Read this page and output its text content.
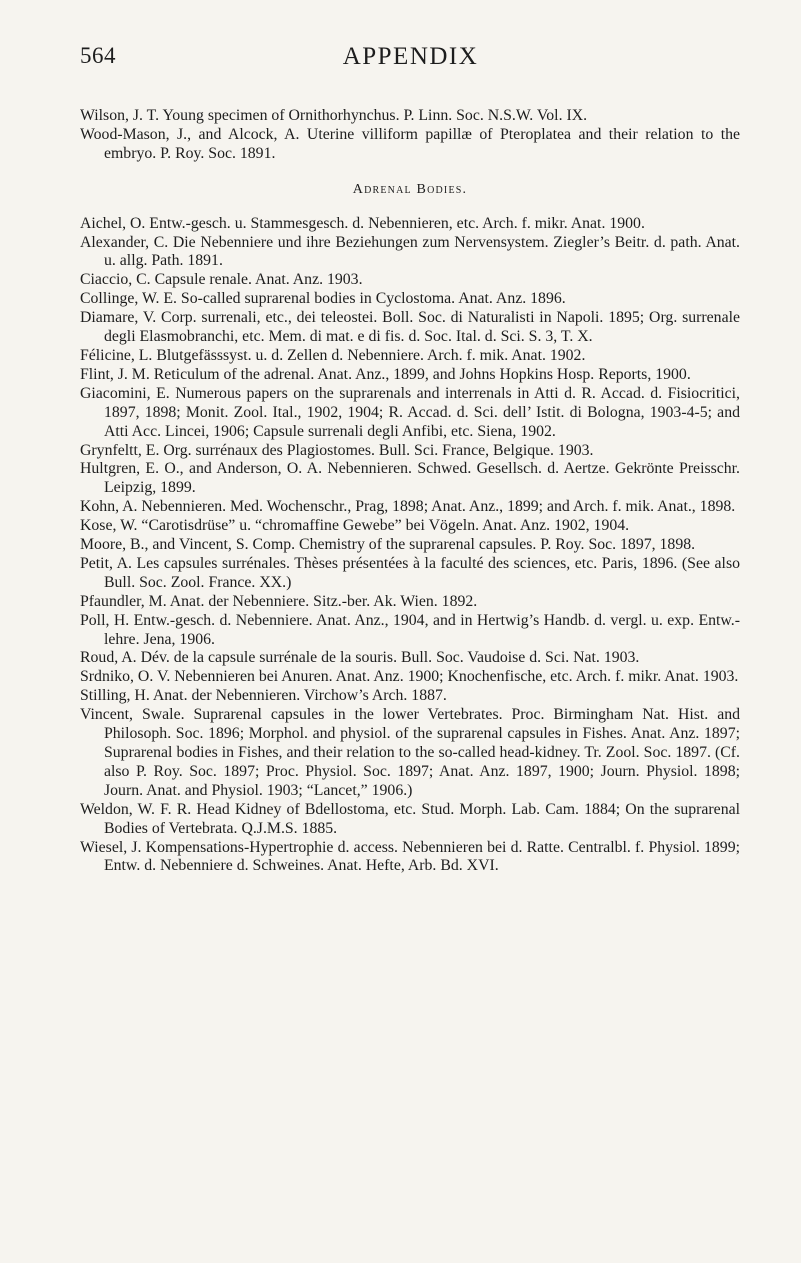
564	APPENDIX

Wilson, J. T. Young specimen of Ornithorhynchus. P. Linn. Soc. N.S.W. Vol. IX.

Wood-Mason, J., and Alcock, A. Uterine villiform papillæ of Pteroplatea and their relation to the embryo. P. Roy. Soc. 1891.

Adrenal Bodies.

Aichel, O. Entw.-gesch. u. Stammesgesch. d. Nebennieren, etc. Arch. f. mikr. Anat. 1900.

Alexander, C. Die Nebenniere und ihre Beziehungen zum Nervensystem. Ziegler’s Beitr. d. path. Anat. u. allg. Path. 1891.

Ciaccio, C. Capsule renale. Anat. Anz. 1903.

Collinge, W. E. So-called suprarenal bodies in Cyclostoma. Anat. Anz. 1896.

Diamare, V. Corp. surrenali, etc., dei teleostei. Boll. Soc. di Naturalisti in Napoli. 1895; Org. surrenale degli Elasmobranchi, etc. Mem. di mat. e di fis. d. Soc. Ital. d. Sci. S. 3, T. X.

Félicine, L. Blutgefässsyst. u. d. Zellen d. Nebenniere. Arch. f. mik. Anat. 1902.

Flint, J. M. Reticulum of the adrenal. Anat. Anz., 1899, and Johns Hopkins Hosp. Reports, 1900.

Giacomini, E. Numerous papers on the suprarenals and interrenals in Atti d. R. Accad. d. Fisiocritici, 1897, 1898; Monit. Zool. Ital., 1902, 1904; R. Accad. d. Sci. dell’ Istit. di Bologna, 1903-4-5; and Atti Acc. Lincei, 1906; Capsule surrenali degli Anfibi, etc. Siena, 1902.

Grynfeltt, E. Org. surrénaux des Plagiostomes. Bull. Sci. France, Belgique. 1903.

Hultgren, E. O., and Anderson, O. A. Nebennieren. Schwed. Gesellsch. d. Aertze. Gekrönte Preisschr. Leipzig, 1899.

Kohn, A. Nebennieren. Med. Wochenschr., Prag, 1898; Anat. Anz., 1899; and Arch. f. mik. Anat., 1898.

Kose, W. “Carotisdrüse” u. “chromaffine Gewebe” bei Vögeln. Anat. Anz. 1902, 1904.

Moore, B., and Vincent, S. Comp. Chemistry of the suprarenal capsules. P. Roy. Soc. 1897, 1898.

Petit, A. Les capsules surrénales. Thèses présentées à la faculté des sciences, etc. Paris, 1896. (See also Bull. Soc. Zool. France. XX.)

Pfaundler, M. Anat. der Nebenniere. Sitz.-ber. Ak. Wien. 1892.

Poll, H. Entw.-gesch. d. Nebenniere. Anat. Anz., 1904, and in Hertwig’s Handb. d. vergl. u. exp. Entw.-lehre. Jena, 1906.

Roud, A. Dév. de la capsule surrénale de la souris. Bull. Soc. Vaudoise d. Sci. Nat. 1903.

Srdniko, O. V. Nebennieren bei Anuren. Anat. Anz. 1900; Knochenfische, etc. Arch. f. mikr. Anat. 1903.

Stilling, H. Anat. der Nebennieren. Virchow’s Arch. 1887.

Vincent, Swale. Suprarenal capsules in the lower Vertebrates. Proc. Birmingham Nat. Hist. and Philosoph. Soc. 1896; Morphol. and physiol. of the suprarenal capsules in Fishes. Anat. Anz. 1897; Suprarenal bodies in Fishes, and their relation to the so-called head-kidney. Tr. Zool. Soc. 1897. (Cf. also P. Roy. Soc. 1897; Proc. Physiol. Soc. 1897; Anat. Anz. 1897, 1900; Journ. Physiol. 1898; Journ. Anat. and Physiol. 1903; “Lancet,” 1906.)

Weldon, W. F. R. Head Kidney of Bdellostoma, etc. Stud. Morph. Lab. Cam. 1884; On the suprarenal Bodies of Vertebrata. Q.J.M.S. 1885.

Wiesel, J. Kompensations-Hypertrophie d. access. Nebennieren bei d. Ratte. Centralbl. f. Physiol. 1899; Entw. d. Nebenniere d. Schweines. Anat. Hefte, Arb. Bd. XVI.
